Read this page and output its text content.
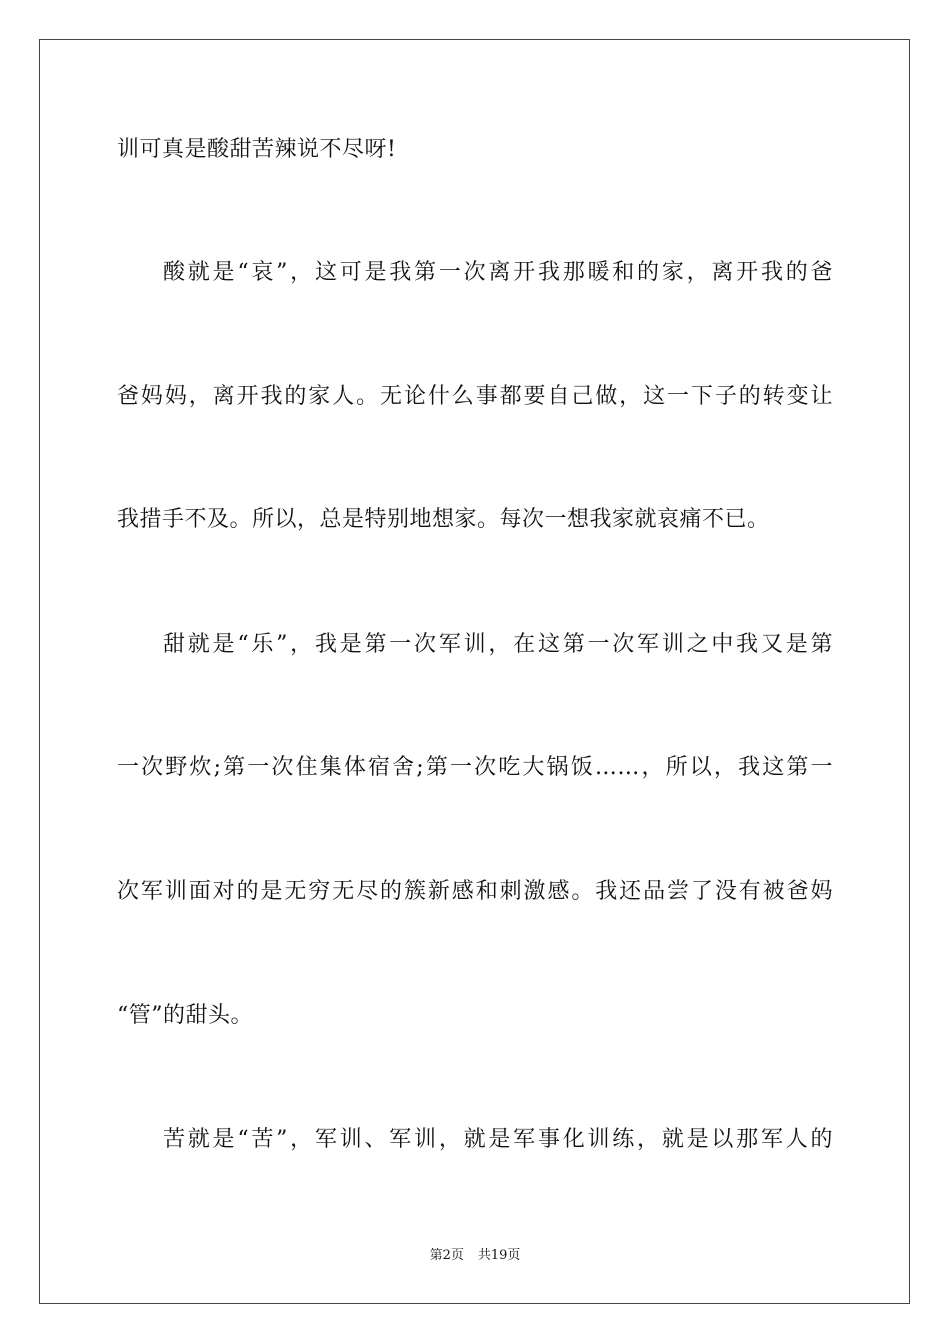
训可真是酸甜苦辣说不尽呀!
酸就是“哀”，这可是我第一次离开我那暖和的家，离开我的爸
爸妈妈，离开我的家人。无论什么事都要自己做，这一下子的转变让
我措手不及。所以，总是特别地想家。每次一想我家就哀痛不已。
甜就是“乐”，我是第一次军训，在这第一次军训之中我又是第
一次野炊;第一次住集体宿舍;第一次吃大锅饭……，所以，我这第一
次军训面对的是无穷无尽的簇新感和刺激感。我还品尝了没有被爸妈
“管”的甜头。
苦就是“苦”，军训、军训，就是军事化训练，就是以那军人的
第2页 共19页
